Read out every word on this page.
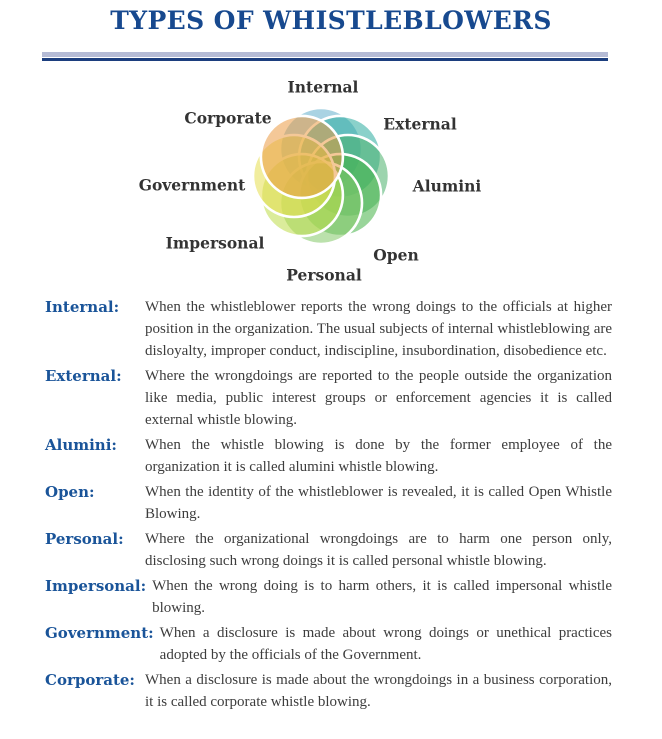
TYPES OF WHISTLEBLOWERS
Internal
External
Alumini
Open
Personal
Impersonal
Government
Corporate
Internal:	When the whistleblower reports the wrong doings to the officials at higher position in the organization. The usual subjects of internal whistleblowing are disloyalty, improper conduct, indiscipline, insubordination, disobedience etc.
External:	Where the wrongdoings are reported to the people outside the organization like media, public interest groups or enforcement agencies it is called external whistle blowing.
Alumini:	When the whistle blowing is done by the former employee of the organization it is called alumini whistle blowing.
Open:	When the identity of the whistleblower is revealed, it is called Open Whistle Blowing.
Personal:	Where the organizational wrongdoings are to harm one person only, disclosing such wrong doings it is called personal whistle blowing.
Impersonal: When the wrong doing is to harm others, it is called impersonal whistle blowing.
Government: When a disclosure is made about wrong doings or unethical practices adopted by the officials of the Government.
Corporate: When a disclosure is made about the wrongdoings in a business corporation, it is called corporate whistle blowing.
